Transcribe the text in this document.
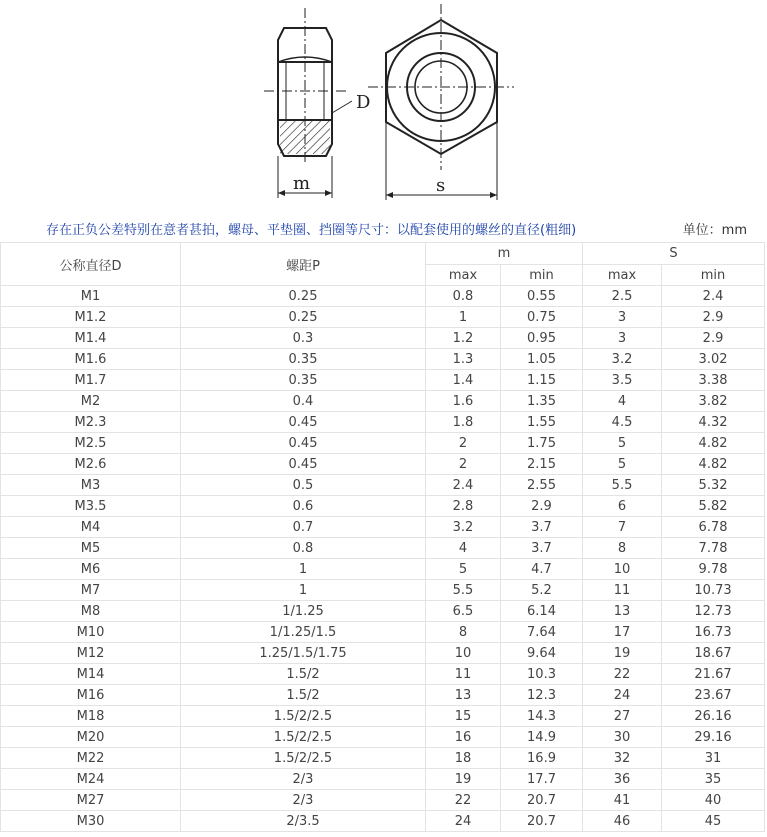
D
m	s
存在正负公差特别在意者甚拍，螺母、平垫圈、挡圈等尺寸：以配套使用的螺丝的直径(粗细)	单位：mm
公称直径D	螺距P	m		S	
		max	min	max	min
M1	0.25	0.8	0.55	2.5	2.4
M1.2	0.25	1	0.75	3	2.9
M1.4	0.3	1.2	0.95	3	2.9
M1.6	0.35	1.3	1.05	3.2	3.02
M1.7	0.35	1.4	1.15	3.5	3.38
M2	0.4	1.6	1.35	4	3.82
M2.3	0.45	1.8	1.55	4.5	4.32
M2.5	0.45	2	1.75	5	4.82
M2.6	0.45	2	2.15	5	4.82
M3	0.5	2.4	2.55	5.5	5.32
M3.5	0.6	2.8	2.9	6	5.82
M4	0.7	3.2	3.7	7	6.78
M5	0.8	4	3.7	8	7.78
M6	1	5	4.7	10	9.78
M7	1	5.5	5.2	11	10.73
M8	1/1.25	6.5	6.14	13	12.73
M10	1/1.25/1.5	8	7.64	17	16.73
M12	1.25/1.5/1.75	10	9.64	19	18.67
M14	1.5/2	11	10.3	22	21.67
M16	1.5/2	13	12.3	24	23.67
M18	1.5/2/2.5	15	14.3	27	26.16
M20	1.5/2/2.5	16	14.9	30	29.16
M22	1.5/2/2.5	18	16.9	32	31
M24	2/3	19	17.7	36	35
M27	2/3	22	20.7	41	40
M30	2/3.5	24	20.7	46	45
